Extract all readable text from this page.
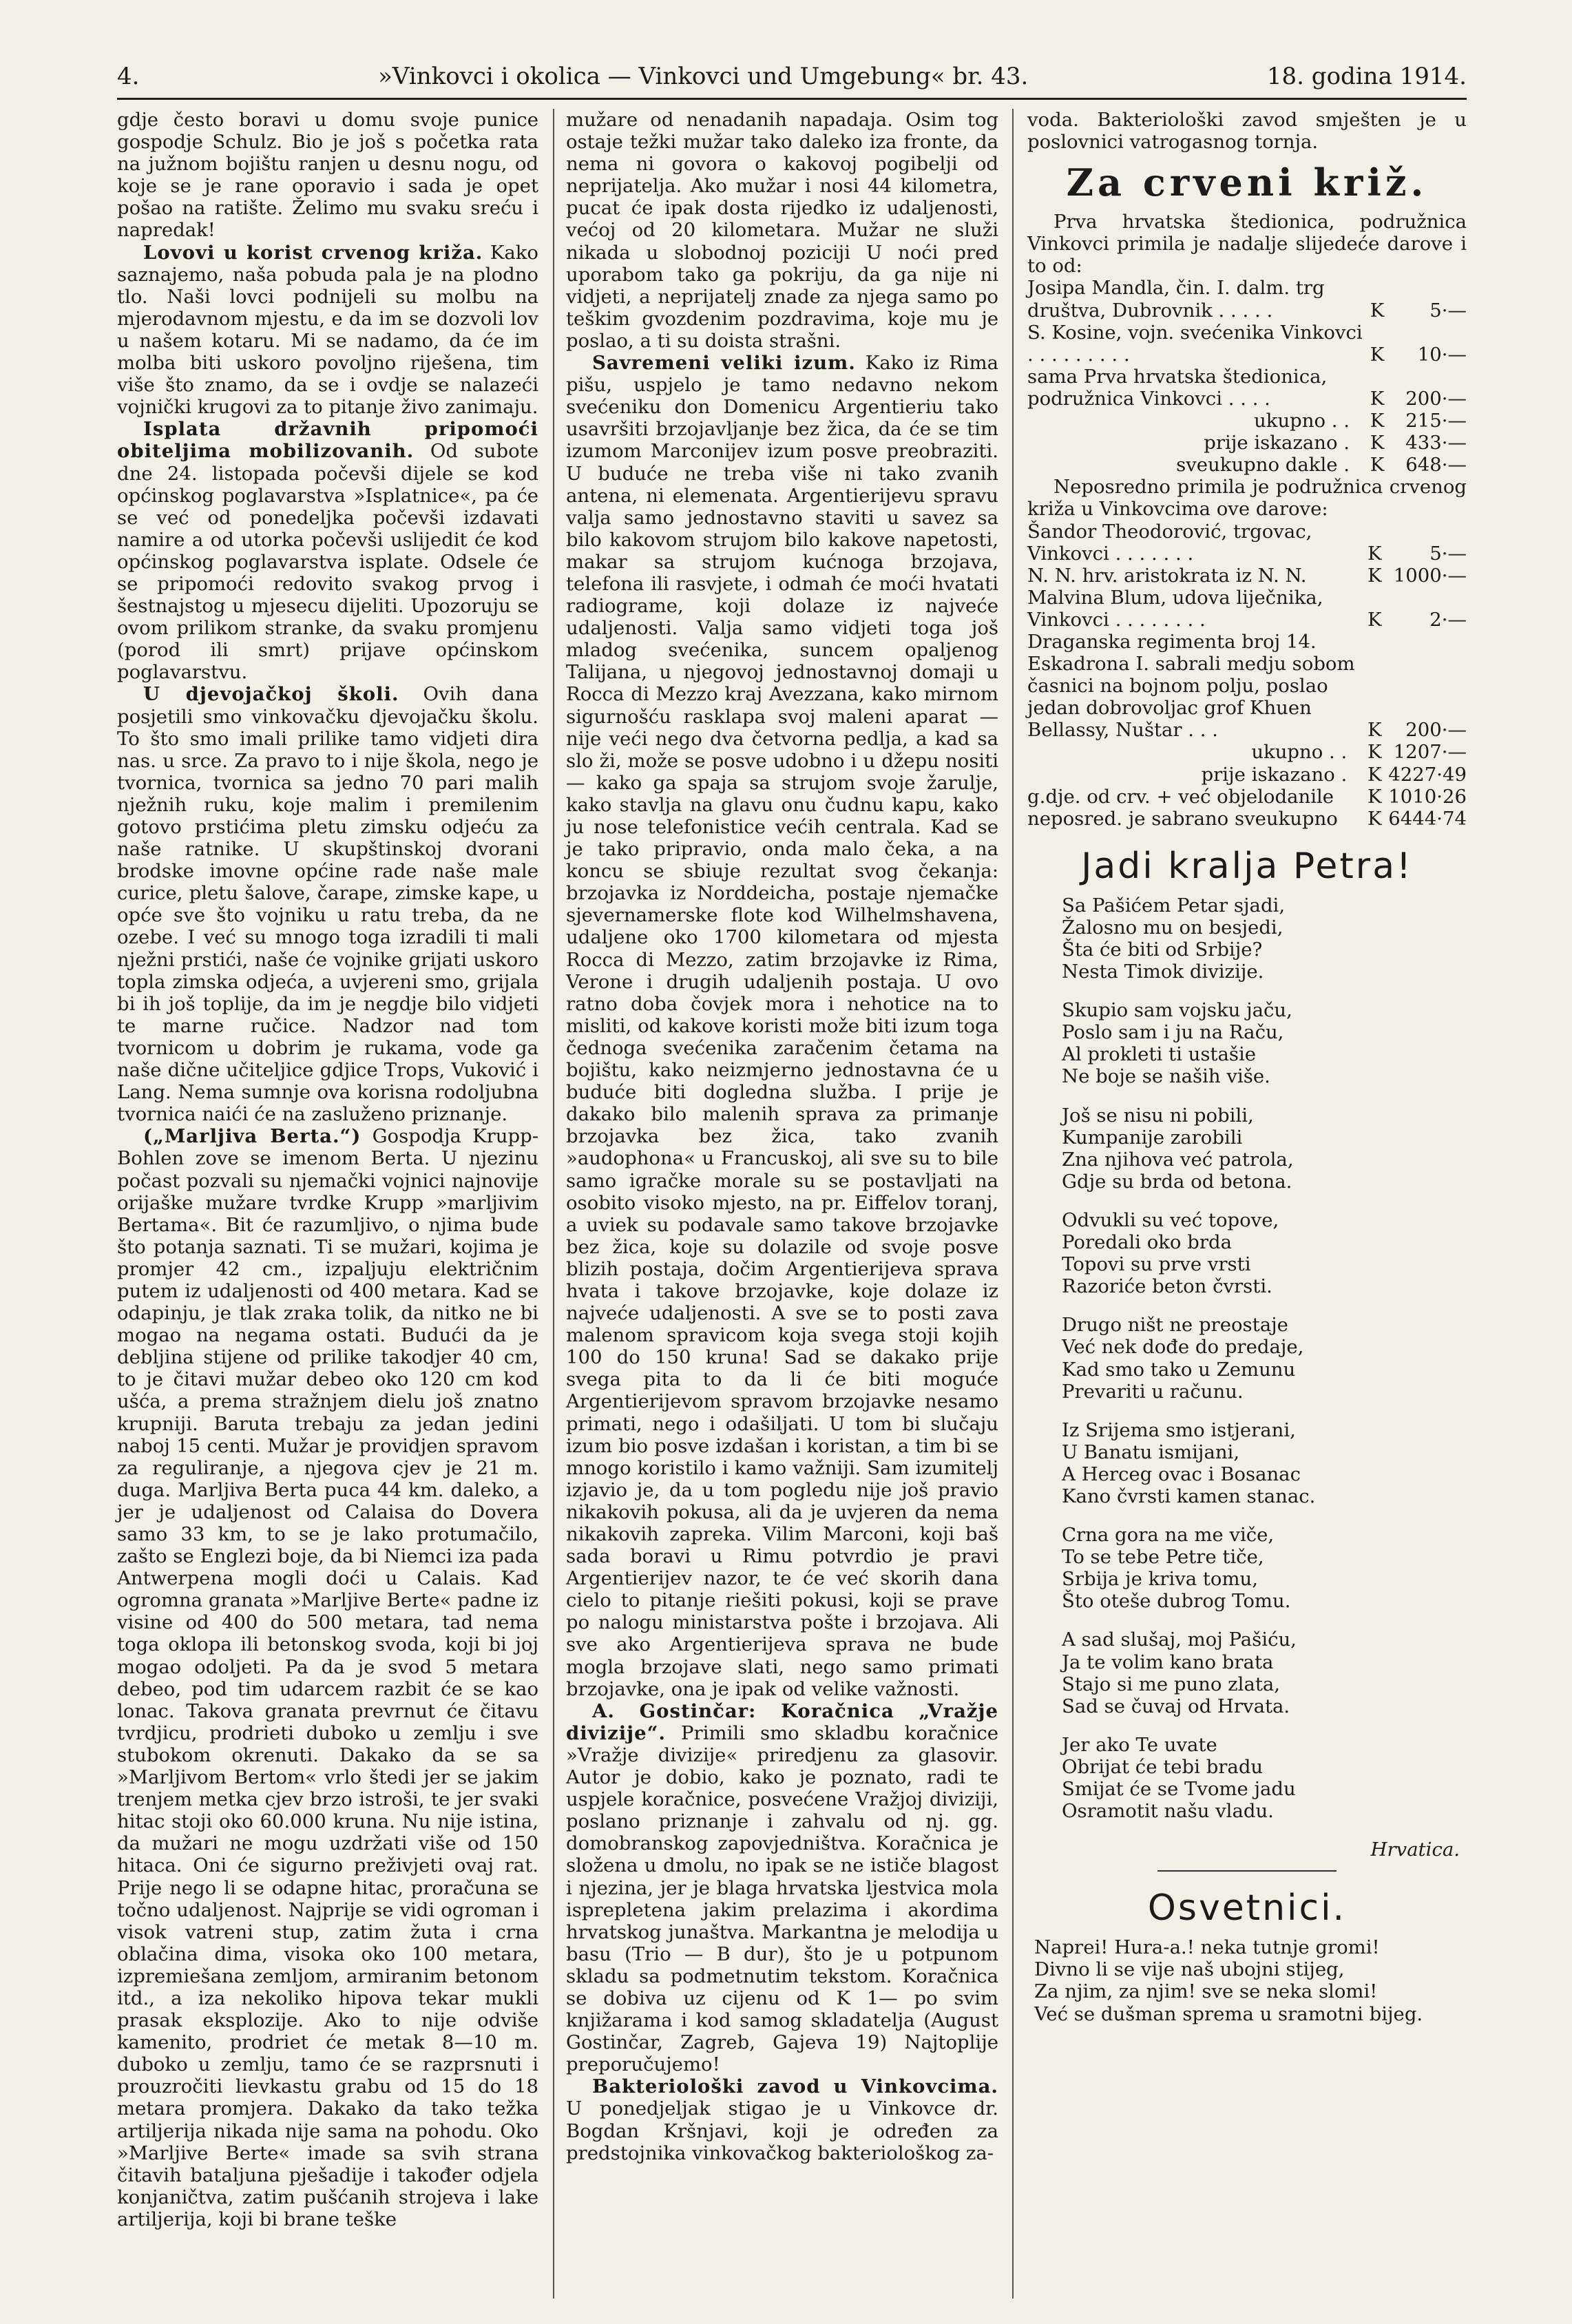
4.	»Vinkovci i okolica — Vinkovci und Umgebung« br. 43.	18. godina 1914.

gdje često boravi u domu svoje punice gospodje Schulz. Bio je još s početka rata na južnom bojištu ranjen u desnu nogu, od koje se je rane oporavio i sada je opet pošao na ratište. Želimo mu svaku sreću i napredak!

Lovovi u korist crvenog križa. Kako saznajemo, naša pobuda pala je na plodno tlo. Naši lovci podnijeli su molbu na mjerodavnom mjestu, e da im se dozvoli lov u našem kotaru. Mi se nadamo, da će im molba biti uskoro povoljno riješena, tim više što znamo, da se i ovdje se nalazeći vojnički krugovi za to pitanje živo zanimaju.

Isplata državnih pripomoći obiteljima mobilizovanih. Od subote dne 24. listopada počevši dijele se kod općinskog poglavarstva »Isplatnice«, pa će se već od ponedeljka počevši izdavati namire a od utorka počevši uslijedit će kod općinskog poglavarstva isplate. Odsele će se pripomoći redovito svakog prvog i šestnajstog u mjesecu dijeliti. Upozoruju se ovom prilikom stranke, da svaku promjenu (porod ili smrt) prijave općinskom poglavarstvu.

U djevojačkoj školi. Ovih dana posjetili smo vinkovačku djevojačku školu. To što smo imali prilike tamo vidjeti dira nas. u srce. Za pravo to i nije škola, nego je tvornica, tvornica sa jedno 70 pari malih nježnih ruku, koje malim i premilenim gotovo prstićima pletu zimsku odjeću za naše ratnike. U skupštinskoj dvorani brodske imovne općine rade naše male curice, pletu šalove, čarape, zimske kape, u opće sve što vojniku u ratu treba, da ne ozebe. I već su mnogo toga izradili ti mali nježni prstići, naše će vojnike grijati uskoro topla zimska odjeća, a uvjereni smo, grijala bi ih još toplije, da im je negdje bilo vidjeti te marne ručice. Nadzor nad tom tvornicom u dobrim je rukama, vode ga naše dične učiteljice gdjice Trops, Vuković i Lang. Nema sumnje ova korisna rodoljubna tvornica naići će na zasluženo priznanje.

(„Marljiva Berta.“) Gospodja Krupp-Bohlen zove se imenom Berta. U njezinu počast pozvali su njemački vojnici najnovije orijaške mužare tvrdke Krupp »marljivim Bertama«. Bit će razumljivo, o njima bude što potanja saznati. Ti se mužari, kojima je promjer 42 cm., izpaljuju električnim putem iz udaljenosti od 400 metara. Kad se odapinju, je tlak zraka tolik, da nitko ne bi mogao na negama ostati. Budući da je debljina stijene od prilike takodjer 40 cm, to je čitavi mužar debeo oko 120 cm kod ušća, a prema stražnjem dielu još znatno krupniji. Baruta trebaju za jedan jedini naboj 15 centi. Mužar je providjen spravom za reguliranje, a njegova cjev je 21 m. duga. Marljiva Berta puca 44 km. daleko, a jer je udaljenost od Calaisa do Dovera samo 33 km, to se je lako protumačilo, zašto se Englezi boje, da bi Niemci iza pada Antwerpena mogli doći u Calais. Kad ogromna granata »Marljive Berte« padne iz visine od 400 do 500 metara, tad nema toga oklopa ili betonskog svoda, koji bi joj mogao odoljeti. Pa da je svod 5 metara debeo, pod tim udarcem razbit će se kao lonac. Takova granata prevrnut će čitavu tvrdjicu, prodrieti duboko u zemlju i sve stubokom okrenuti. Dakako da se sa »Marljivom Bertom« vrlo štedi jer se jakim trenjem metka cjev brzo istroši, te jer svaki hitac stoji oko 60.000 kruna. Nu nije istina, da mužari ne mogu uzdržati više od 150 hitaca. Oni će sigurno preživjeti ovaj rat. Prije nego li se odapne hitac, proračuna se točno udaljenost. Najprije se vidi ogroman i visok vatreni stup, zatim žuta i crna oblačina dima, visoka oko 100 metara, izpremiešana zemljom, armiranim betonom itd., a iza nekoliko hipova tekar mukli prasak eksplozije. Ako to nije odviše kamenito, prodriet će metak 8—10 m. duboko u zemlju, tamo će se razprsnuti i prouzročiti lievkastu grabu od 15 do 18 metara promjera. Dakako da tako težka artiljerija nikada nije sama na pohodu. Oko »Marljive Berte« imade sa svih strana čitavih bataljuna pješadije i također odjela konjaničtva, zatim pušćanih strojeva i lake artiljerija, koji bi brane teške

mužare od nenadanih napadaja. Osim tog ostaje težki mužar tako daleko iza fronte, da nema ni govora o kakovoj pogibelji od neprijatelja. Ako mužar i nosi 44 kilometra, pucat će ipak dosta rijedko iz udaljenosti, većoj od 20 kilometara. Mužar ne služi nikada u slobodnoj poziciji U noći pred uporabom tako ga pokriju, da ga nije ni vidjeti, a neprijatelj znade za njega samo po teškim gvozdenim pozdravima, koje mu je poslao, a ti su doista strašni.

Savremeni veliki izum. Kako iz Rima pišu, uspjelo je tamo nedavno nekom svećeniku don Domenicu Argentieriu tako usavršiti brzojavljanje bez žica, da će se tim izumom Marconijev izum posve preobraziti. U buduće ne treba više ni tako zvanih antena, ni elemenata. Argentierijevu spravu valja samo jednostavno staviti u savez sa bilo kakovom strujom bilo kakove napetosti, makar sa strujom kućnoga brzojava, telefona ili rasvjete, i odmah će moći hvatati radiograme, koji dolaze iz najveće udaljenosti. Valja samo vidjeti toga još mladog svećenika, suncem opaljenog Talijana, u njegovoj jednostavnoj domaji u Rocca di Mezzo kraj Avezzana, kako mirnom sigurnošću rasklapa svoj maleni aparat — nije veći nego dva četvorna pedlja, a kad sa slo ži, može se posve udobno i u džepu nositi — kako ga spaja sa strujom svoje žarulje, kako stavlja na glavu onu čudnu kapu, kako ju nose telefonistice većih centrala. Kad se je tako pripravio, onda malo čeka, a na koncu se sbiuje rezultat svog čekanja: brzojavka iz Norddeicha, postaje njemačke sjevernamerske flote kod Wilhelmshavena, udaljene oko 1700 kilometara od mjesta Rocca di Mezzo, zatim brzojavke iz Rima, Verone i drugih udaljenih postaja. U ovo ratno doba čovjek mora i nehotice na to misliti, od kakove koristi može biti izum toga čednoga svećenika zaračenim četama na bojištu, kako neizmjerno jednostavna će u buduće biti dogledna služba. I prije je dakako bilo malenih sprava za primanje brzojavka bez žica, tako zvanih »audophona« u Francuskoj, ali sve su to bile samo igračke morale su se postavljati na osobito visoko mjesto, na pr. Eiffelov toranj, a uviek su podavale samo takove brzojavke bez žica, koje su dolazile od svoje posve blizih postaja, dočim Argentierijeva sprava hvata i takove brzojavke, koje dolaze iz najveće udaljenosti. A sve se to posti zava malenom spravicom koja svega stoji kojih 100 do 150 kruna! Sad se dakako prije svega pita to da li će biti moguće Argentierijevom spravom brzojavke nesamo primati, nego i odašiljati. U tom bi slučaju izum bio posve izdašan i koristan, a tim bi se mnogo koristilo i kamo važniji. Sam izumitelj izjavio je, da u tom pogledu nije još pravio nikakovih pokusa, ali da je uvjeren da nema nikakovih zapreka. Vilim Marconi, koji baš sada boravi u Rimu potvrdio je pravi Argentierijev nazor, te će već skorih dana cielo to pitanje riešiti pokusi, koji se prave po nalogu ministarstva pošte i brzojava. Ali sve ako Argentierijeva sprava ne bude mogla brzojave slati, nego samo primati brzojavke, ona je ipak od velike važnosti.

A. Gostinčar: Koračnica „Vražje divizije“. Primili smo skladbu koračnice »Vražje divizije« priredjenu za glasovir. Autor je dobio, kako je poznato, radi te uspjele koračnice, posvećene Vražjoj diviziji, poslano priznanje i zahvalu od nj. gg. domobranskog zapovjedništva. Koračnica je složena u dmolu, no ipak se ne ističe blagost i njezina, jer je blaga hrvatska ljestvica mola isprepletena jakim prelazima i akordima hrvatskog junaštva. Markantna je melodija u basu (Trio — B dur), što je u potpunom skladu sa podmetnutim tekstom. Koračnica se dobiva uz cijenu od K 1— po svim knjižarama i kod samog skladatelja (August Gostinčar, Zagreb, Gajeva 19) Najtoplije preporučujemo!

Bakteriološki zavod u Vinkovcima. U ponedjeljak stigao je u Vinkovce dr. Bogdan Kršnjavi, koji je određen za predstojnika vinkovačkog bakteriološkog za-

voda. Bakteriološki zavod smješten je u poslovnici vatrogasnog tornja.

Za crveni križ.

Prva hrvatska štedionica, podružnica Vinkovci primila je nadalje slijedeće darove i to od:

Josipa Mandla, čin. I. dalm. trg društva, Dubrovnik . . . . .	K	5·—
S. Kosine, vojn. svećenika Vinkovci . . . . . . . . .	K	10·—
sama Prva hrvatska štedionica, podružnica Vinkovci . . . .	K	200·—
ukupno . .	K	215·—
prije iskazano .	K	433·—
sveukupno dakle .	K	648·—

Neposredno primila je podružnica crvenog križa u Vinkovcima ove darove:

Šandor Theodorović, trgovac, Vinkovci . . . . . . .	K	5·—
N. N. hrv. aristokrata iz N. N.	K	1000·—
Malvina Blum, udova liječnika, Vinkovci . . . . . . . .	K	2·—
Draganska regimenta broj 14. Eskadrona I. sabrali medju sobom časnici na bojnom polju, poslao jedan dobrovoljac grof Khuen Bellassy, Nuštar . . .	K	200·—
ukupno . .	K	1207·—
prije iskazano .	K	4227·49
g.dje. od crv. + već objelodanile	K	1010·26
neposred. je sabrano sveukupno	K	6444·74
Jadi kralja Petra!
Sa Pašićem Petar sjadi,
Žalosno mu on besjedi,
Šta će biti od Srbije?
Nesta Timok divizije.
Skupio sam vojsku jaču,
Poslo sam i ju na Raču,
Al prokleti ti ustašie
Ne boje se naših više.
Još se nisu ni pobili,
Kumpanije zarobili
Zna njihova već patrola,
Gdje su brda od betona.
Odvukli su već topove,
Poredali oko brda
Topovi su prve vrsti
Razoriće beton čvrsti.
Drugo ništ ne preostaje
Već nek dođe do predaje,
Kad smo tako u Zemunu
Prevariti u računu.
Iz Srijema smo istjerani,
U Banatu ismijani,
A Herceg ovac i Bosanac
Kano čvrsti kamen stanac.
Crna gora na me viče,
To se tebe Petre tiče,
Srbija je kriva tomu,
Što oteše dubrog Tomu.
A sad slušaj, moj Pašiću,
Ja te volim kano brata
Stajo si me puno zlata,
Sad se čuvaj od Hrvata.
Jer ako Te uvate
Obrijat će tebi bradu
Smijat će se Tvome jadu
Osramotit našu vladu.
Hrvatica.
Osvetnici.
Naprei! Hura-a.! neka tutnje gromi!
Divno li se vije naš ubojni stijeg,
Za njim, za njim! sve se neka slomi!
Već se dušman sprema u sramotni bijeg.
